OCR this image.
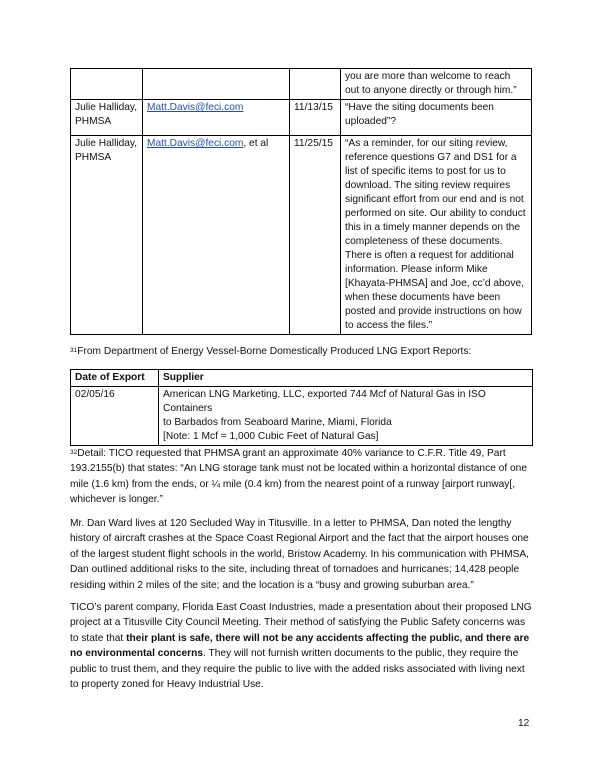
			you are more than welcome to reach out to anyone directly or through him.”
Julie Halliday, PHMSA	Matt.Davis@feci.com	11/13/15	“Have the siting documents been uploaded”?
Julie Halliday, PHMSA	Matt.Davis@feci.com, et al	11/25/15	“As a reminder, for our siting review, reference questions G7 and DS1 for a list of specific items to post for us to download. The siting review requires significant effort from our end and is not performed on site. Our ability to conduct this in a timely manner depends on the completeness of these documents. There is often a request for additional information. Please inform Mike [Khayata-PHMSA] and Joe, cc’d above, when these documents have been posted and provide instructions on how to access the files.”
$^{31}$From Department of Energy Vessel-Borne Domestically Produced LNG Export Reports:
Date of Export	Supplier
02/05/16	American LNG Marketing, LLC, exported 744 Mcf of Natural Gas in ISO Containers
to Barbados from Seaboard Marine, Miami, Florida
[Note: 1 Mcf = 1,000 Cubic Feet of Natural Gas]
$^{32}$Detail: TICO requested that PHMSA grant an approximate 40% variance to C.F.R. Title 49, Part 193.2155(b) that states: “An LNG storage tank must not be located within a horizontal distance of one mile (1.6 km) from the ends, or ¼ mile (0.4 km) from the nearest point of a runway [airport runway[, whichever is longer.”
Mr. Dan Ward lives at 120 Secluded Way in Titusville. In a letter to PHMSA, Dan noted the lengthy history of aircraft crashes at the Space Coast Regional Airport and the fact that the airport houses one of the largest student flight schools in the world, Bristow Academy. In his communication with PHMSA, Dan outlined additional risks to the site, including threat of tornadoes and hurricanes; 14,428 people residing within 2 miles of the site; and the location is a “busy and growing suburban area.”
TICO’s parent company, Florida East Coast Industries, made a presentation about their proposed LNG project at a Titusville City Council Meeting. Their method of satisfying the Public Safety concerns was to state that their plant is safe, there will not be any accidents affecting the public, and there are no environmental concerns. They will not furnish written documents to the public, they require the public to trust them, and they require the public to live with the added risks associated with living next to property zoned for Heavy Industrial Use.
12
